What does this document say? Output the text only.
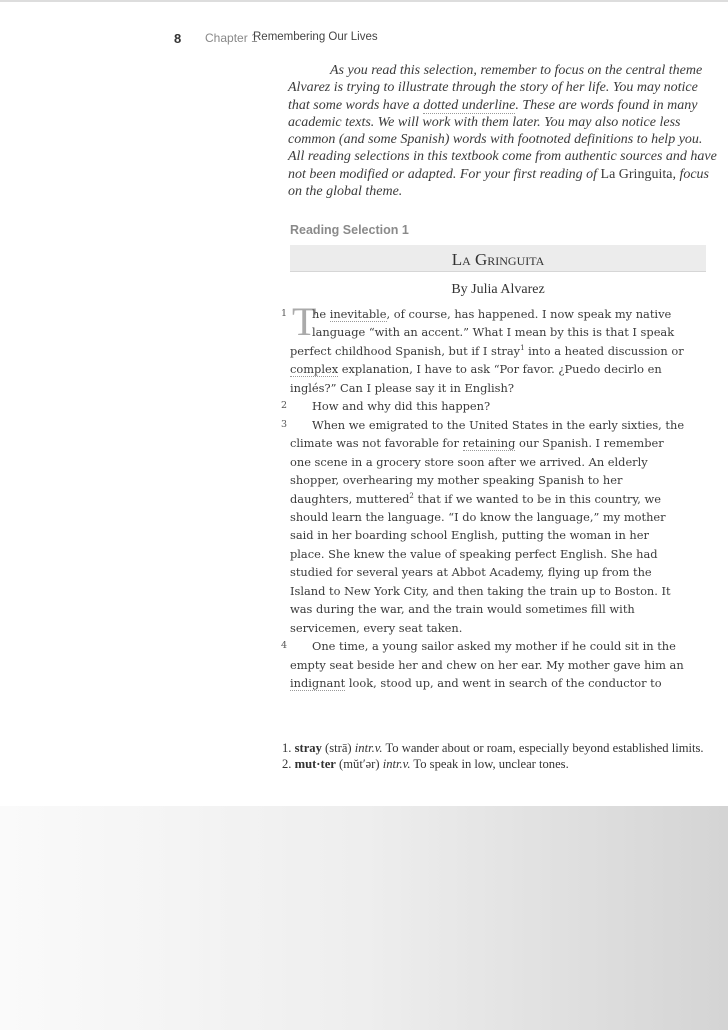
8 Chapter 1
Remembering Our Lives
As you read this selection, remember to focus on the central theme
Alvarez is trying to illustrate through the story of her life. You may notice
that some words have a dotted underline. These are words found in many
academic texts. We will work with them later. You may also notice less
common (and some Spanish) words with footnoted definitions to help you.
All reading selections in this textbook come from authentic sources and have
not been modified or adapted. For your first reading of La Gringuita, focus
on the global theme.
Reading Selection 1
La Gringuita
By Julia Alvarez
T
1 he inevitable, of course, has happened. I now speak my native
language “with an accent.” What I mean by this is that I speak
perfect childhood Spanish, but if I stray$^1$ into a heated discussion or
complex explanation, I have to ask “Por favor. ¿Puedo decirlo en
inglés?” Can I please say it in English?
2 How and why did this happen?
3 When we emigrated to the United States in the early sixties, the
climate was not favorable for retaining our Spanish. I remember
one scene in a grocery store soon after we arrived. An elderly
shopper, overhearing my mother speaking Spanish to her
daughters, muttered$^2$ that if we wanted to be in this country, we
should learn the language. “I do know the language,” my mother
said in her boarding school English, putting the woman in her
place. She knew the value of speaking perfect English. She had
studied for several years at Abbot Academy, flying up from the
Island to New York City, and then taking the train up to Boston. It
was during the war, and the train would sometimes fill with
servicemen, every seat taken.
4 One time, a young sailor asked my mother if he could sit in the
empty seat beside her and chew on her ear. My mother gave him an
indignant look, stood up, and went in search of the conductor to
1. stray (strā) intr.v. To wander about or roam, especially beyond established limits.
2. mut·ter (mŭt′ər) intr.v. To speak in low, unclear tones.
